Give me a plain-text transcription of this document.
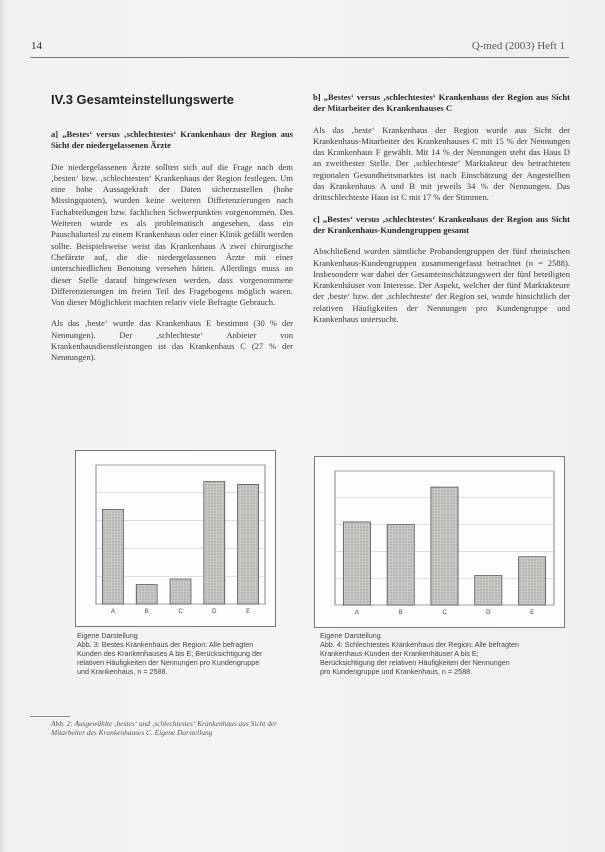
14	Q-med (2003) Heft 1
IV.3 Gesamteinstellungswerte
a] „Bestes‘ versus ‚schlechtestes‘ Krankenhaus der Region aus Sicht der niedergelassenen Ärzte

Die niedergelassenen Ärzte sollten sich auf die Frage nach dem ‚besten‘ bzw. ‚schlechtesten‘ Krankenhaus der Region festlegen. Um eine hohe Aussagekraft der Daten sicherzustellen (hohe Missingquoten), wurden keine weiteren Differenzierungen nach Fachabteilungen bzw. fachlichen Schwerpunkten vorgenommen. Des Weiteren wurde es als problematisch angesehen, dass ein Pauschalurteil zu einem Krankenhaus oder einer Klinik gefällt werden sollte. Beispielsweise weist das Krankenhaus A zwei chirurgische Chefärzte auf, die die niedergelassenen Ärzte mit einer unterschiedlichen Benotung versehen hätten. Allerdings muss an dieser Stelle darauf hingewiesen werden, dass vorgenommene Differenzierungen im freien Teil des Fragebogens möglich waren. Von dieser Möglichkeit machten relativ viele Befragte Gebrauch.

Als das ‚beste‘ wurde das Krankenhaus E bestimmt (30 % der Nennungen). Der ‚schlechteste‘ Anbieter von Krankenhausdienstleistungen ist das Krankenhaus C (27 % der Nennungen).

b] „Bestes‘ versus ‚schlechtestes‘ Krankenhaus der Region aus Sicht der Mitarbeiter des Krankenhauses C

Als das ‚beste‘ Krankenhaus der Region wurde aus Sicht der Krankenhaus-Mitarbeiter des Krankenhauses C mit 15 % der Nennungen das Krankenhaus F gewählt. Mit 14 % der Nennungen steht das Haus D an zweitbester Stelle. Der ‚schlechteste‘ Marktakteur des betrachteten regionalen Gesundheitsmarktes ist nach Einschätzung der Angestellten das Krankenhaus A und B mit jeweils 34 % der Nennungen. Das drittschlechteste Haus ist C mit 17 % der Stimmen.

c] „Bestes‘ versus ‚schlechtestes‘ Krankenhaus der Region aus Sicht der Krankenhaus-Kundengruppen gesamt

Abschließend wurden sämtliche Probandengruppen der fünf rheinischen Krankenhaus-Kundengruppen zusammengefasst betrachtet (n = 2588). Insbesondere war dabei der Gesamteinschätzungswert der fünf beteiligten Krankenhäuser von Interesse. Der Aspekt, welcher der fünf Marktakteure der ‚beste‘ bzw. der ‚schlechteste‘ der Region sei, wurde hinsichtlich der relativen Häufigkeiten der Nennungen pro Kundengruppe und Krankenhaus untersucht.

A	B	C	D	E	A	B	C	D	E
Eigene Darstellung
Abb. 3: Bestes Krankenhaus der Region: Alle befragten Kunden des Krankenhauses A bis E; Berücksichtigung der relativen Häufigkeiten der Nennungen pro Kundengruppe und Krankenhaus, n = 2588.
Eigene Darstellung
Abb. 4: Schlechtestes Krankenhaus der Region: Alle befragten Krankenhaus-Kunden der Krankenhäuser A bis E; Berücksichtigung der relativen Häufigkeiten der Nennungen pro Kundengruppe und Krankenhaus, n = 2588.
Abb. 2: Ausgewählte ‚bestes‘ und ‚schlechtestes‘ Krankenhaus aus Sicht der Mitarbeiter des Krankenhauses C. Eigene Darstellung
